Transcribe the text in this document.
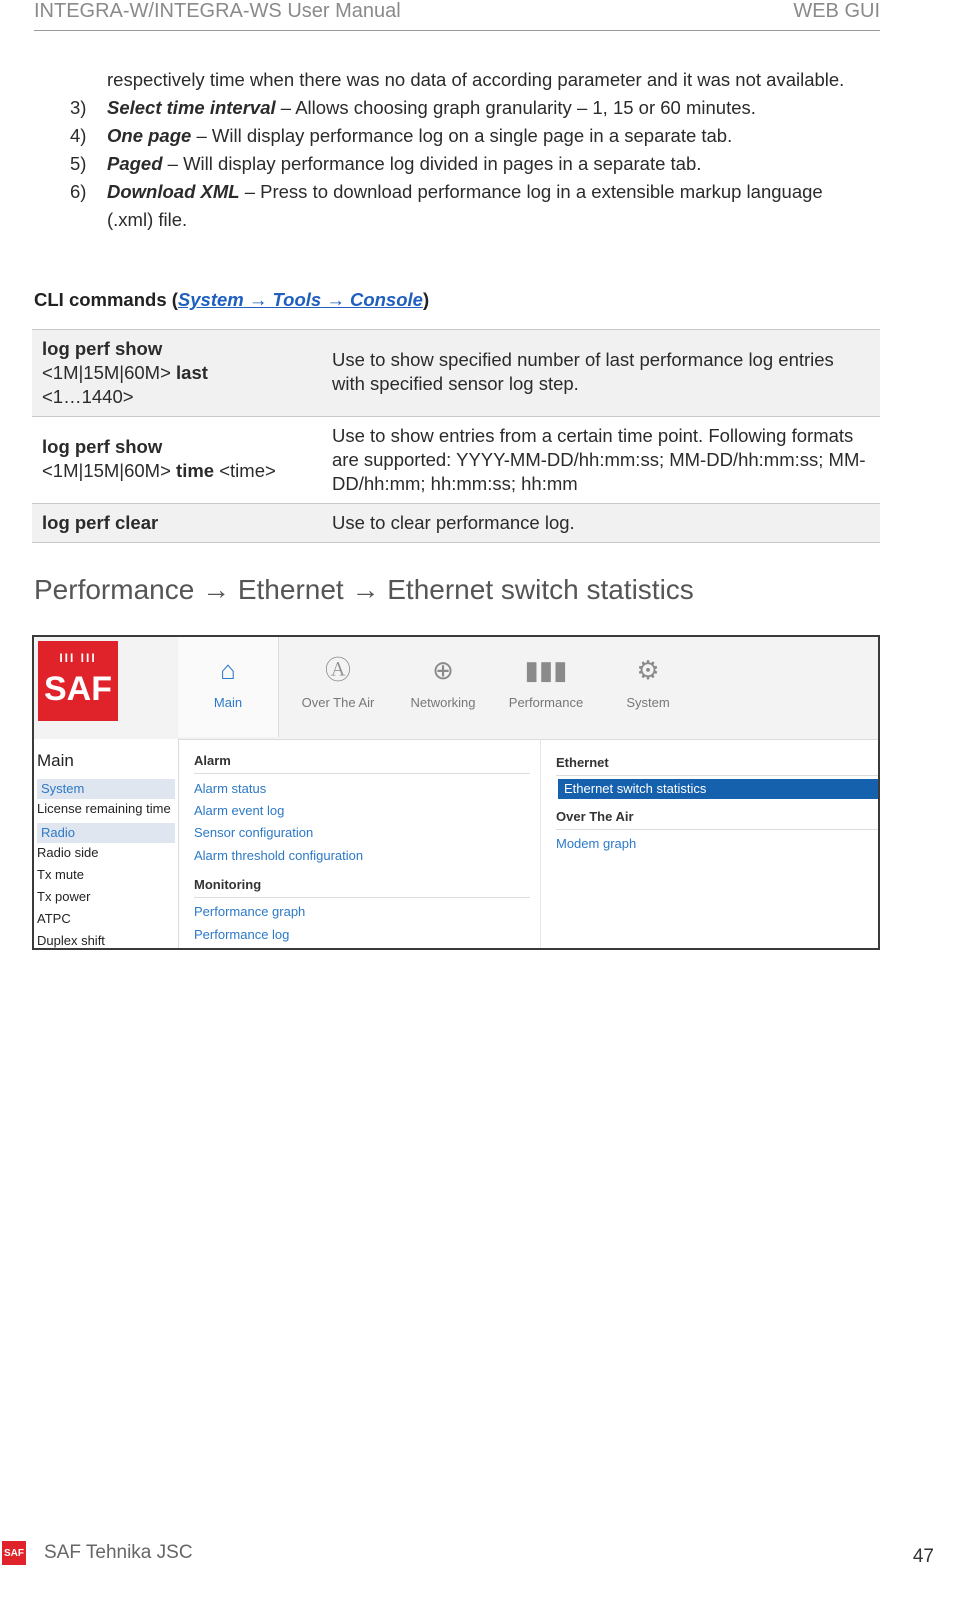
INTEGRA-W/INTEGRA-WS User Manual	WEB GUI
respectively time when there was no data of according parameter and it was not available.
3) Select time interval – Allows choosing graph granularity – 1, 15 or 60 minutes.
4) One page – Will display performance log on a single page in a separate tab.
5) Paged – Will display performance log divided in pages in a separate tab.
6) Download XML – Press to download performance log in a extensible markup language (.xml) file.
CLI commands (System → Tools → Console)
log perf show
<1M|15M|60M> last
<1…1440>	Use to show specified number of last performance log entries with specified sensor log step.
log perf show
<1M|15M|60M> time <time>	Use to show entries from a certain time point. Following formats are supported: YYYY-MM-DD/hh:mm:ss; MM-DD/hh:mm:ss; MM-DD/hh:mm; hh:mm:ss; hh:mm
log perf clear	Use to clear performance log.
Performance → Ethernet → Ethernet switch statistics
III III
SAF	⌂
Main
Ⓐ
Over The Air
⊕
Networking
▮▮▮
Performance
⚙
System
Main
System
License remaining time
Radio
Radio side
Tx mute
Tx power
ATPC
Duplex shift
Alarm
Alarm status
Alarm event log
Sensor configuration
Alarm threshold configuration
Monitoring
Performance graph
Performance log
Ethernet
Ethernet switch statistics
Over The Air
Modem graph
SAF SAF Tehnika JSC	47
